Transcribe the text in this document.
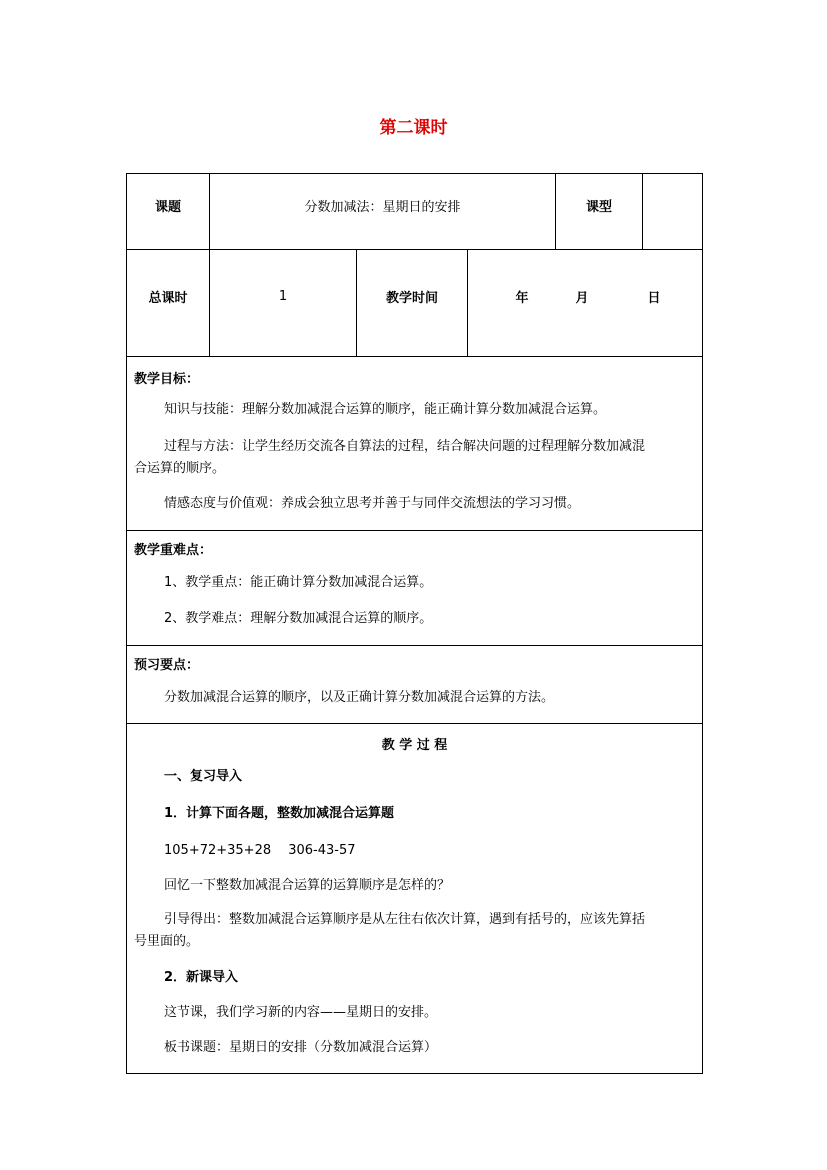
第二课时
课题	分数加减法：星期日的安排	课型
总课时	1	教学时间	年	月	日
教学目标：
知识与技能：理解分数加减混合运算的顺序，能正确计算分数加减混合运算。
过程与方法：让学生经历交流各自算法的过程，结合解决问题的过程理解分数加减混
合运算的顺序。
情感态度与价值观：养成会独立思考并善于与同伴交流想法的学习习惯。
教学重难点：
1、教学重点：能正确计算分数加减混合运算。
2、教学难点：理解分数加减混合运算的顺序。
预习要点：
分数加减混合运算的顺序，以及正确计算分数加减混合运算的方法。
教 学 过 程
一、复习导入
1．计算下面各题，整数加减混合运算题
105+72+35+28　 306-43-57
回忆一下整数加减混合运算的运算顺序是怎样的？
引导得出：整数加减混合运算顺序是从左往右依次计算，遇到有括号的，应该先算括
号里面的。
2．新课导入
这节课，我们学习新的内容——星期日的安排。
板书课题：星期日的安排（分数加减混合运算）
